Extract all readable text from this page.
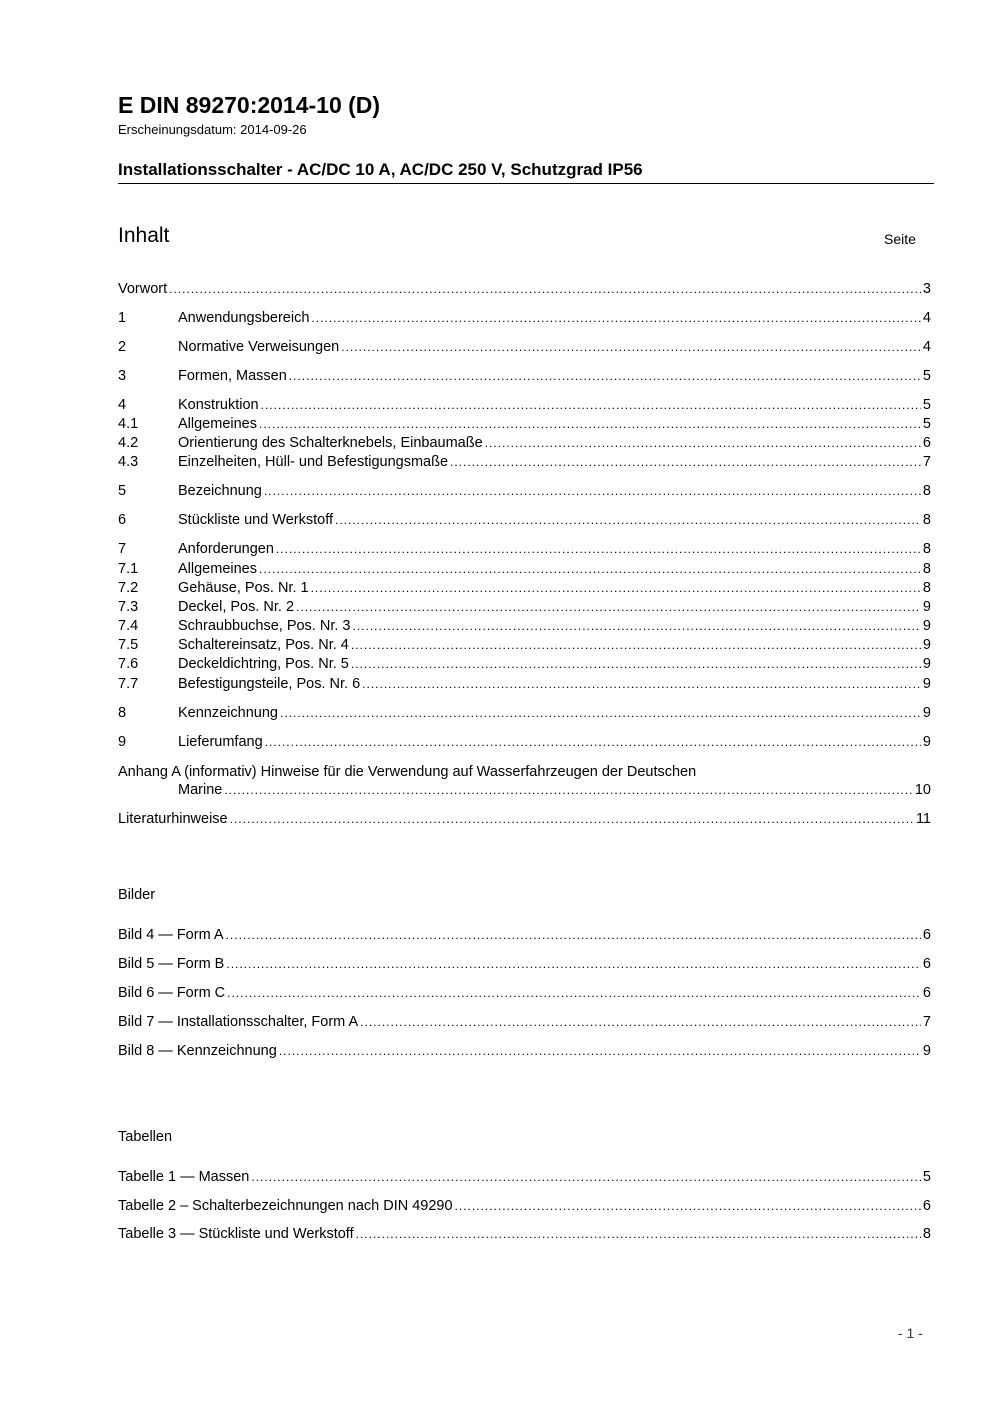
E DIN 89270:2014-10 (D)
Erscheinungsdatum: 2014-09-26
Installationsschalter - AC/DC 10 A, AC/DC 250 V, Schutzgrad IP56
Inhalt	Seite
Vorwort .....	3
1	Anwendungsbereich .....	4
2	Normative Verweisungen .....	4
3	Formen, Massen .....	5
4	Konstruktion .....	5
4.1	Allgemeines .....	5
4.2	Orientierung des Schalterknebels, Einbaumaße .....	6
4.3	Einzelheiten, Hüll- und Befestigungsmaße .....	7
5	Bezeichnung .....	8
6	Stückliste und Werkstoff .....	8
7	Anforderungen .....	8
7.1	Allgemeines .....	8
7.2	Gehäuse, Pos. Nr. 1 .....	8
7.3	Deckel, Pos. Nr. 2 .....	9
7.4	Schraubbuchse, Pos. Nr. 3 .....	9
7.5	Schaltereinsatz, Pos. Nr. 4 .....	9
7.6	Deckeldichtring, Pos. Nr. 5 .....	9
7.7	Befestigungsteile, Pos. Nr. 6 .....	9
8	Kennzeichnung .....	9
9	Lieferumfang .....	9
Anhang A (informativ) Hinweise für die Verwendung auf Wasserfahrzeugen der Deutschen
Marine .....	10
Literaturhinweise .....	11
Bilder
Bild 4 — Form A .....	6
Bild 5 — Form B .....	6
Bild 6 — Form C .....	6
Bild 7 — Installationsschalter, Form A .....	7
Bild 8 — Kennzeichnung .....	9
Tabellen
Tabelle 1 — Massen .....	5
Tabelle 2 – Schalterbezeichnungen nach DIN 49290 .....	6
Tabelle 3 — Stückliste und Werkstoff .....	8
- 1 -
